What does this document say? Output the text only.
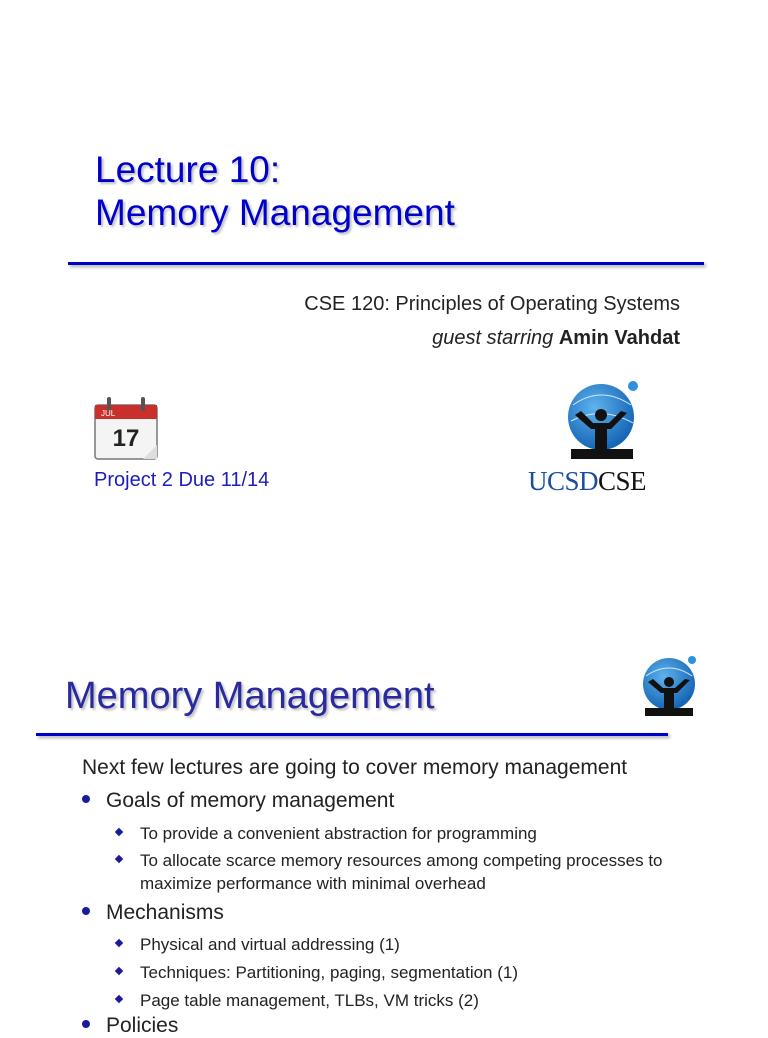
Lecture 10:
Memory Management
CSE 120: Principles of Operating Systems
guest starring Amin Vahdat
JUL
17
Project 2 Due 11/14	UCSDCSE
Memory Management
Next few lectures are going to cover memory management
Goals of memory management
To provide a convenient abstraction for programming
To allocate scarce memory resources among competing processes to maximize performance with minimal overhead
Mechanisms
Physical and virtual addressing (1)
Techniques: Partitioning, paging, segmentation (1)
Page table management, TLBs, VM tricks (2)
Policies
